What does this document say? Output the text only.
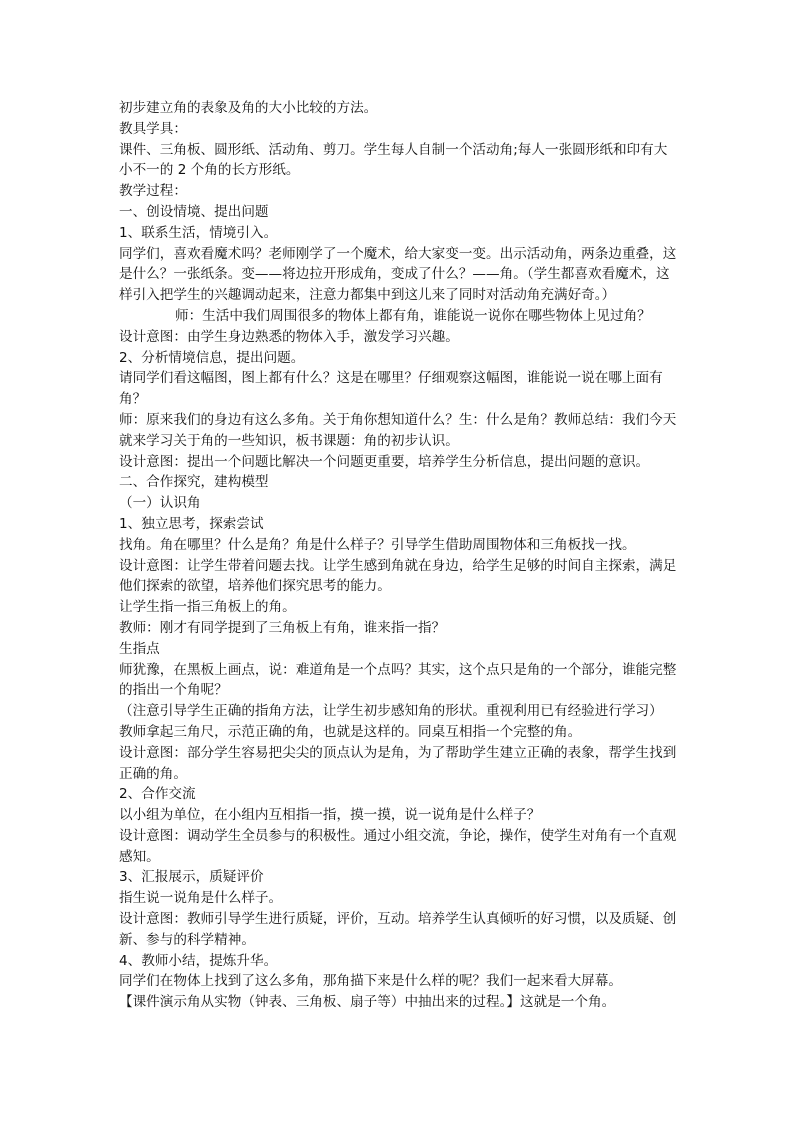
初步建立角的表象及角的大小比较的方法。
教具学具：
课件、三角板、圆形纸、活动角、剪刀。学生每人自制一个活动角;每人一张圆形纸和印有大小不一的 2 个角的长方形纸。
教学过程：
一、创设情境、提出问题
1、联系生活，情境引入。
同学们，喜欢看魔术吗？老师刚学了一个魔术，给大家变一变。出示活动角，两条边重叠，这是什么？一张纸条。变——将边拉开形成角，变成了什么？——角。（学生都喜欢看魔术，这样引入把学生的兴趣调动起来，注意力都集中到这儿来了同时对活动角充满好奇。）
师：生活中我们周围很多的物体上都有角，谁能说一说你在哪些物体上见过角？
设计意图：由学生身边熟悉的物体入手，激发学习兴趣。
2、分析情境信息，提出问题。
请同学们看这幅图，图上都有什么？这是在哪里？仔细观察这幅图，谁能说一说在哪上面有角？
师：原来我们的身边有这么多角。关于角你想知道什么？生：什么是角？教师总结：我们今天就来学习关于角的一些知识，板书课题：角的初步认识。
设计意图：提出一个问题比解决一个问题更重要，培养学生分析信息，提出问题的意识。
二、合作探究，建构模型
（一）认识角
1、独立思考，探索尝试
找角。角在哪里？什么是角？角是什么样子？引导学生借助周围物体和三角板找一找。
设计意图：让学生带着问题去找。让学生感到角就在身边，给学生足够的时间自主探索，满足他们探索的欲望，培养他们探究思考的能力。
让学生指一指三角板上的角。
教师：刚才有同学提到了三角板上有角，谁来指一指？
生指点
师犹豫，在黑板上画点，说：难道角是一个点吗？其实，这个点只是角的一个部分，谁能完整的指出一个角呢？
（注意引导学生正确的指角方法，让学生初步感知角的形状。重视利用已有经验进行学习）
教师拿起三角尺，示范正确的角，也就是这样的。同桌互相指一个完整的角。
设计意图：部分学生容易把尖尖的顶点认为是角，为了帮助学生建立正确的表象，帮学生找到正确的角。
2、合作交流
以小组为单位，在小组内互相指一指，摸一摸，说一说角是什么样子？
设计意图：调动学生全员参与的积极性。通过小组交流，争论，操作，使学生对角有一个直观感知。
3、汇报展示，质疑评价
指生说一说角是什么样子。
设计意图：教师引导学生进行质疑，评价，互动。培养学生认真倾听的好习惯，以及质疑、创新、参与的科学精神。
4、教师小结，提炼升华。
同学们在物体上找到了这么多角，那角描下来是什么样的呢？我们一起来看大屏幕。
【课件演示角从实物（钟表、三角板、扇子等）中抽出来的过程。】这就是一个角。
